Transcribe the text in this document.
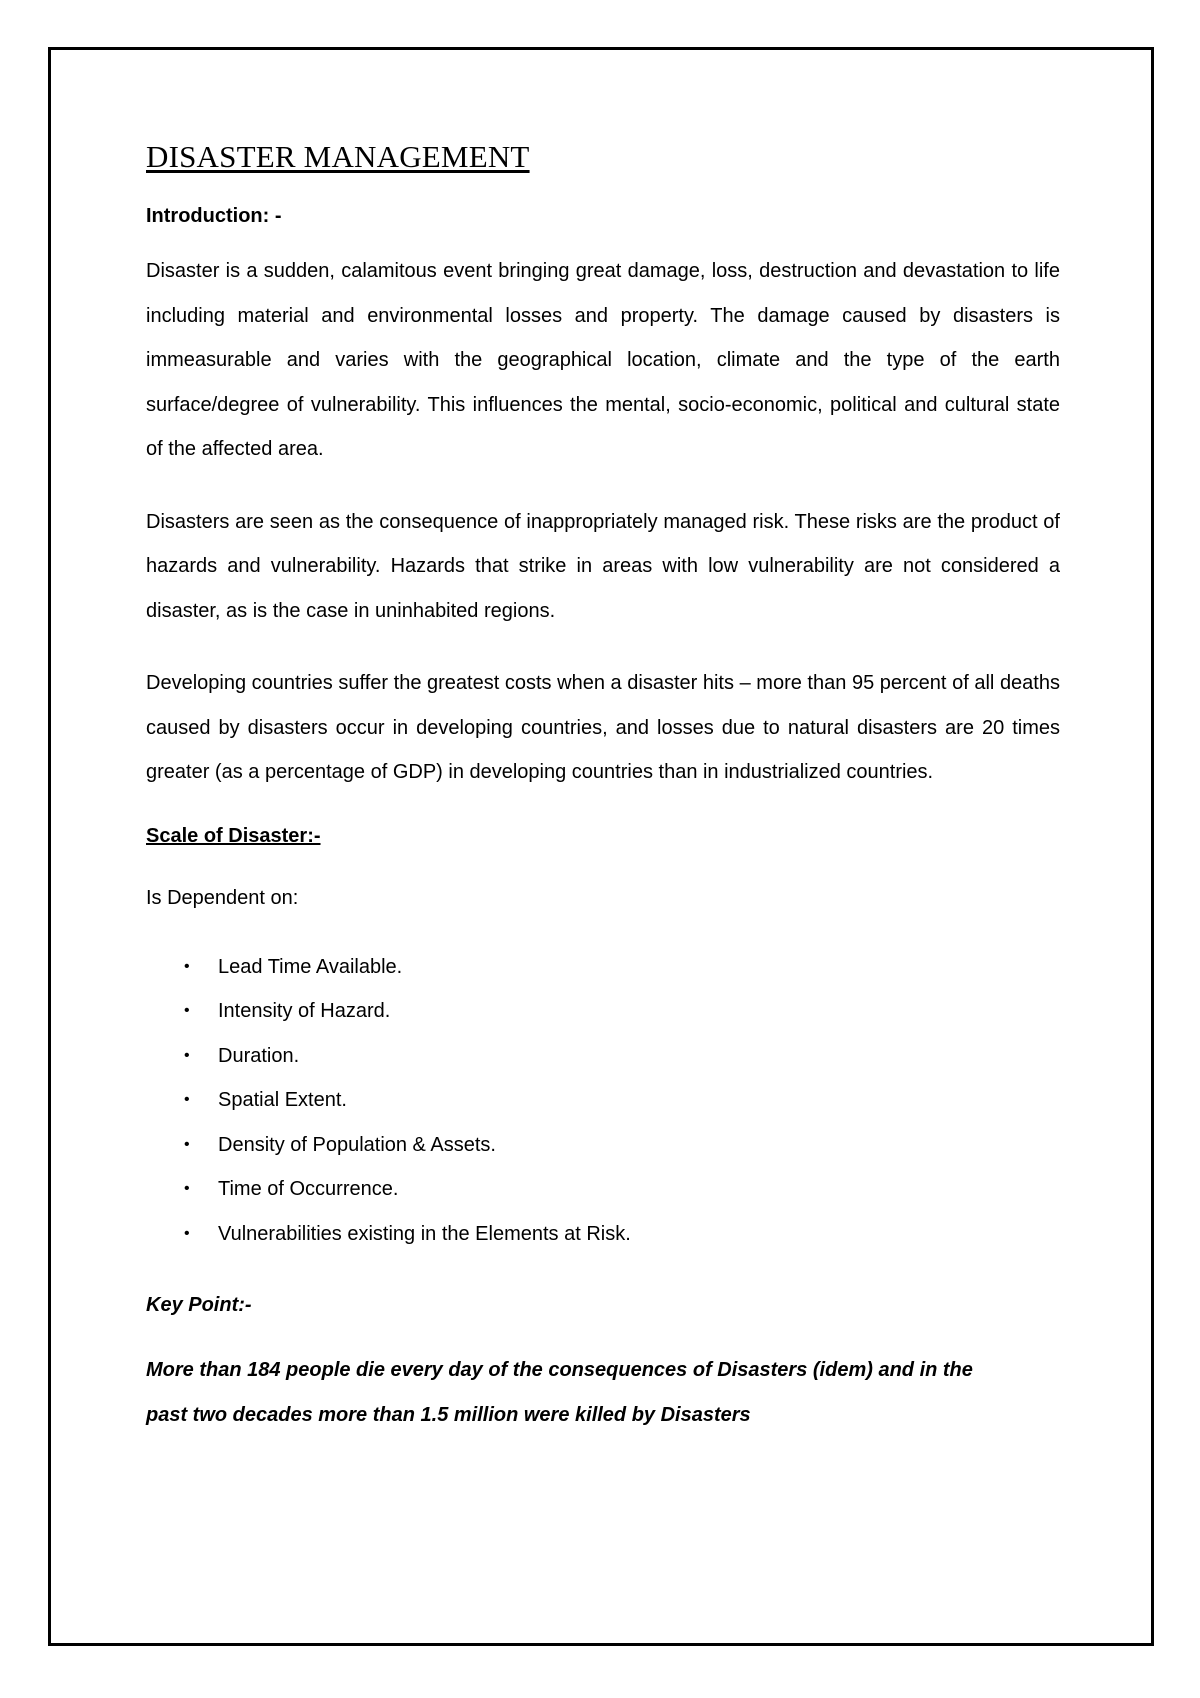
DISASTER MANAGEMENT
Introduction: -

Disaster is a sudden, calamitous event bringing great damage, loss, destruction and devastation to life including material and environmental losses and property. The damage caused by disasters is immeasurable and varies with the geographical location, climate and the type of the earth surface/degree of vulnerability. This influences the mental, socio-economic, political and cultural state of the affected area.

Disasters are seen as the consequence of inappropriately managed risk. These risks are the product of hazards and vulnerability. Hazards that strike in areas with low vulnerability are not considered a disaster, as is the case in uninhabited regions.

Developing countries suffer the greatest costs when a disaster hits – more than 95 percent of all deaths caused by disasters occur in developing countries, and losses due to natural disasters are 20 times greater (as a percentage of GDP) in developing countries than in industrialized countries.

Scale of Disaster:-
Is Dependent on:
• Lead Time Available.
• Intensity of Hazard.
• Duration.
• Spatial Extent.
• Density of Population & Assets.
• Time of Occurrence.
• Vulnerabilities existing in the Elements at Risk.
Key Point:-

More than 184 people die every day of the consequences of Disasters (idem) and in the
past two decades more than 1.5 million were killed by Disasters
